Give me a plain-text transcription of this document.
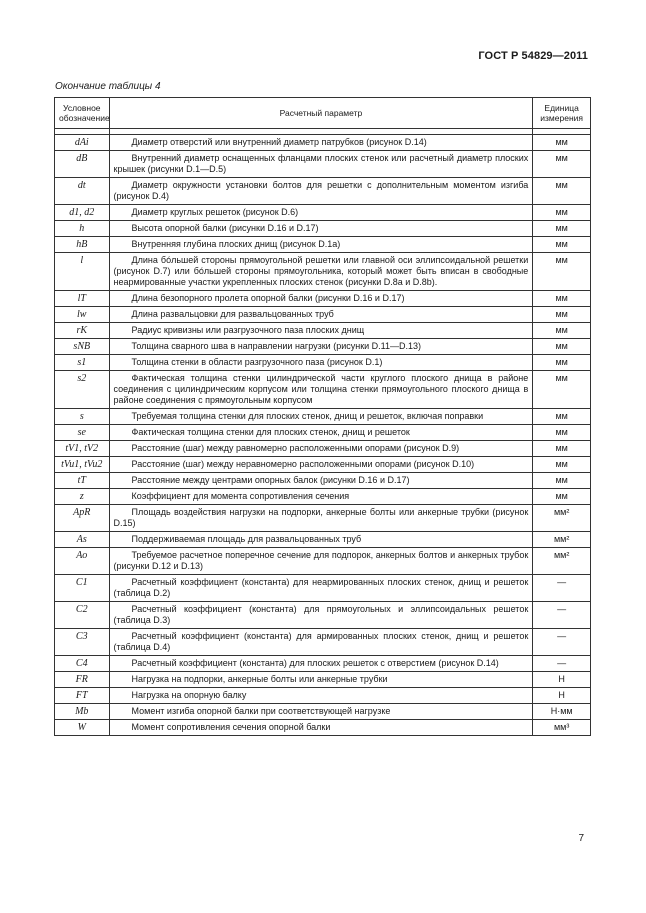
ГОСТ Р 54829—2011
Окончание таблицы 4
Условное обозначение	Расчетный параметр	Единица измерения

dAi	Диаметр отверстий или внутренний диаметр патрубков (рисунок D.14)	мм
dB	Внутренний диаметр оснащенных фланцами плоских стенок или расчетный диаметр плоских крышек (рисунки D.1—D.5)	мм
dt	Диаметр окружности установки болтов для решетки с дополнительным моментом изгиба (рисунок D.4)	мм
d1, d2	Диаметр круглых решеток (рисунок D.6)	мм
h	Высота опорной балки (рисунки D.16 и D.17)	мм
hB	Внутренняя глубина плоских днищ (рисунок D.1а)	мм
l	Длина бóльшей стороны прямоугольной решетки или главной оси эллипсоидальной решетки (рисунок D.7) или бóльшей стороны прямоугольника, который может быть вписан в свободные неармированные участки укрепленных плоских стенок (рисунки D.8а и D.8b).	мм
lT	Длина безопорного пролета опорной балки (рисунки D.16 и D.17)	мм
lw	Длина развальцовки для развальцованных труб	мм
rK	Радиус кривизны или разгрузочного паза плоских днищ	мм
sNB	Толщина сварного шва в направлении нагрузки (рисунки D.11—D.13)	мм
s1	Толщина стенки в области разгрузочного паза (рисунок D.1)	мм
s2	Фактическая толщина стенки цилиндрической части круглого плоского днища в районе соединения с цилиндрическим корпусом или толщина стенки прямоугольного плоского днища в районе соединения с прямоугольным корпусом	мм
s	Требуемая толщина стенки для плоских стенок, днищ и решеток, включая поправки	мм
se	Фактическая толщина стенки для плоских стенок, днищ и решеток	мм
tV1, tV2	Расстояние (шаг) между равномерно расположенными опорами (рисунок D.9)	мм
tVu1, tVu2	Расстояние (шаг) между неравномерно расположенными опорами (рисунок D.10)	мм
tT	Расстояние между центрами опорных балок (рисунки D.16 и D.17)	мм
z	Коэффициент для момента сопротивления сечения	мм
ApR	Площадь воздействия нагрузки на подпорки, анкерные болты или анкерные трубки (рисунок D.15)	мм²
As	Поддерживаемая площадь для развальцованных труб	мм²
Ao	Требуемое расчетное поперечное сечение для подпорок, анкерных болтов и анкерных трубок (рисунки D.12 и D.13)	мм²
C1	Расчетный коэффициент (константа) для неармированных плоских стенок, днищ и решеток (таблица D.2)	—
C2	Расчетный коэффициент (константа) для прямоугольных и эллипсоидальных решеток (таблица D.3)	—
C3	Расчетный коэффициент (константа) для армированных плоских стенок, днищ и решеток (таблица D.4)	—
C4	Расчетный коэффициент (константа) для плоских решеток с отверстием (рисунок D.14)	—
FR	Нагрузка на подпорки, анкерные болты или анкерные трубки	Н
FT	Нагрузка на опорную балку	Н
Mb	Момент изгиба опорной балки при соответствующей нагрузке	Н·мм
W	Момент сопротивления сечения опорной балки	мм³
7
